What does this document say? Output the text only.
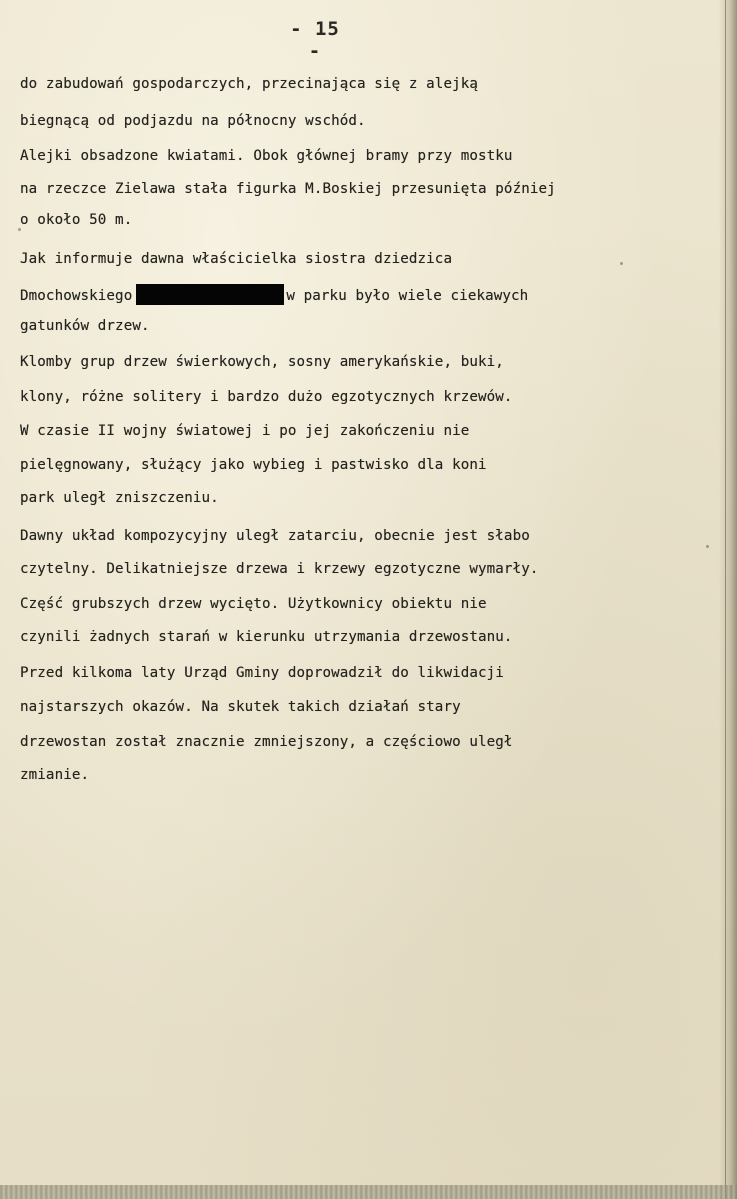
- 15 -
do zabudowań gospodarczych, przecinająca się z alejką
biegnącą od podjazdu na północny wschód.
Alejki obsadzone kwiatami. Obok głównej bramy przy mostku
na rzeczce Zielawa stała figurka M.Boskiej przesunięta później
o około 50 m.
Jak informuje dawna właścicielka siostra dziedzica
Dmochowskiego	w parku było wiele ciekawych
gatunków drzew.
Klomby grup drzew świerkowych, sosny amerykańskie, buki,
klony, różne solitery i bardzo dużo egzotycznych krzewów.
W czasie II wojny światowej i po jej zakończeniu nie
pielęgnowany, służący jako wybieg i pastwisko dla koni
park uległ zniszczeniu.
Dawny układ kompozycyjny uległ zatarciu, obecnie jest słabo
czytelny. Delikatniejsze drzewa i krzewy egzotyczne wymarły.
Część grubszych drzew wycięto. Użytkownicy obiektu nie
czynili żadnych starań w kierunku utrzymania drzewostanu.
Przed kilkoma laty Urząd Gminy doprowadził do likwidacji
najstarszych okazów. Na skutek takich działań stary
drzewostan został znacznie zmniejszony, a częściowo uległ
zmianie.
